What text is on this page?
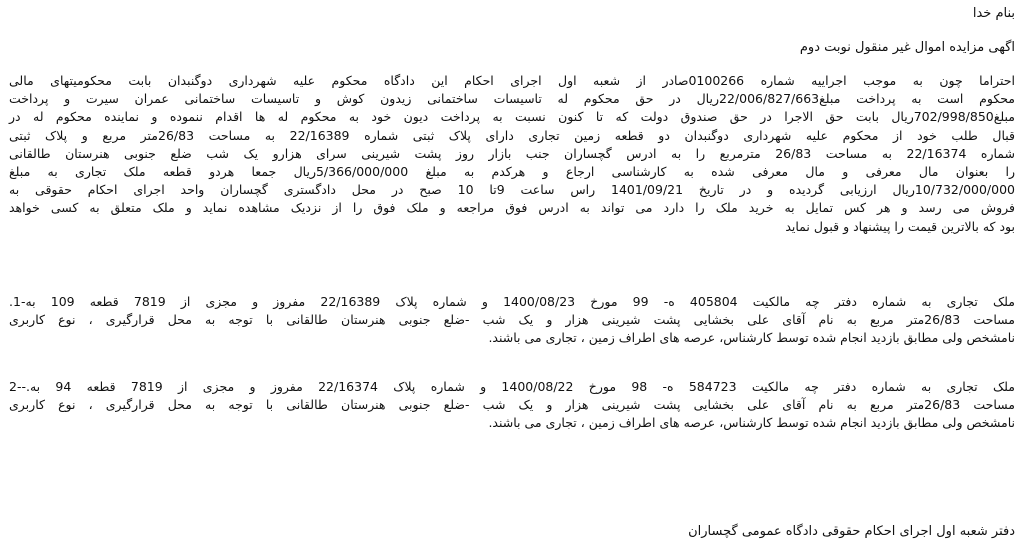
بنام خدا
اگهی مزایده اموال غیر منقول نوبت دوم
احتراما چون به موجب اجراییه شماره 0100266صادر از شعبه اول اجرای احکام این دادگاه محکوم علیه شهرداری دوگنبدان بابت محکومیتهای مالی
محکوم است به پرداخت مبلغ22/006/827/663ریال در حق محکوم له تاسیسات ساختمانی زیدون کوش و تاسیسات ساختمانی عمران سیرت و پرداخت
مبلغ702/998/850ریال بابت حق الاجرا در حق صندوق دولت که تا کنون نسبت به پرداخت دیون خود به محکوم له ها اقدام ننموده و نماینده محکوم له در
قبال طلب خود از محکوم علیه شهرداری دوگنبدان دو قطعه زمین تجاری دارای پلاک ثبتی شماره 22/16389 به مساحت 26/83متر مربع و پلاک ثبتی
شماره 22/16374 به مساحت 26/83 مترمربع را به ادرس گچساران جنب بازار روز پشت شیرینی سرای هزارو یک شب ضلع جنوبی هنرستان طالقانی
را بعنوان مال معرفی و مال معرفی شده به کارشناسی ارجاع و هرکدم به مبلغ 5/366/000/000ریال جمعا هردو قطعه ملک تجاری به مبلغ
10/732/000/000ریال ارزیابی گردیده و در تاریخ 1401/09/21 راس ساعت 9تا 10 صبح در محل دادگستری گچساران واحد اجرای احکام حقوقی به
فروش می رسد و هر کس تمایل به خرید ملک را دارد می تواند به ادرس فوق مراجعه و ملک فوق را از نزدیک مشاهده نماید و ملک متعلق به کسی خواهد
بود که بالاترین قیمت را پیشنهاد و قبول نماید
ملک تجاری به شماره دفتر چه مالکیت 405804 ه- 99 مورخ 1400/08/23 و شماره پلاک 22/16389 مفروز و مجزی از 7819 قطعه 109 به-1.
مساحت 26/83متر مربع به نام آقای علی بخشایی پشت شیرینی هزار و یک شب -ضلع جنوبی هنرستان طالقانی با توجه به محل قرارگیری ، نوع کاربری
نامشخص ولی مطابق بازدید انجام شده توسط کارشناس، عرصه های اطراف زمین ، تجاری می باشند.
ملک تجاری به شماره دفتر چه مالکیت 584723 ه- 98 مورخ 1400/08/22 و شماره پلاک 22/16374 مفروز و مجزی از 7819 قطعه 94 به.--2
مساحت 26/83متر مربع به نام آقای علی بخشایی پشت شیرینی هزار و یک شب -ضلع جنوبی هنرستان طالقانی با توجه به محل قرارگیری ، نوع کاربری
نامشخص ولی مطابق بازدید انجام شده توسط کارشناس، عرصه های اطراف زمین ، تجاری می باشند.
دفتر شعبه اول اجرای احکام حقوقی دادگاه عمومی گچساران
